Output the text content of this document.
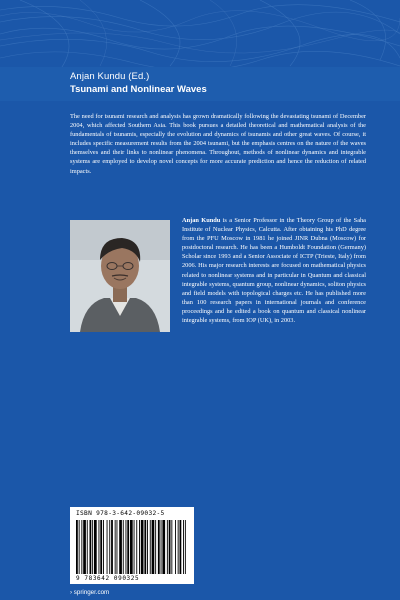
Anjan Kundu (Ed.)
Tsunami and Nonlinear Waves

The need for tsunami research and analysis has grown dramatically following the devastating tsunami of December 2004, which affected Southern Asia. This book pursues a detailed theoretical and mathematical analysis of the fundamentals of tsunamis, especially the evolution and dynamics of tsunamis and other great waves. Of course, it includes specific measurement results from the 2004 tsunami, but the emphasis centres on the nature of the waves themselves and their links to nonlinear phenomena. Throughout, methods of nonlinear dynamics and integrable systems are employed to develop novel concepts for more accurate prediction and hence the reduction of related impacts.

Anjan Kundu is a Senior Professor in the Theory Group of the Saha Institute of Nuclear Physics, Calcutta. After obtaining his PhD degree from the PFU Moscow in 1981 he joined JINR Dubna (Moscow) for postdoctoral research. He has been a Humboldt Foundation (Germany) Scholar since 1993 and a Senior Associate of ICTP (Trieste, Italy) from 2006. His major research interests are focused on mathematical physics related to nonlinear systems and in particular in Quantum and classical integrable systems, quantum group, nonlinear dynamics, soliton physics and field models with topological charges etc. He has published more than 100 research papers in international journals and conference proceedings and he edited a book on quantum and classical nonlinear integrable systems, from IOP (UK), in 2003.

ISBN 978-3-642-09032-5
9 783642 090325
› springer.com
